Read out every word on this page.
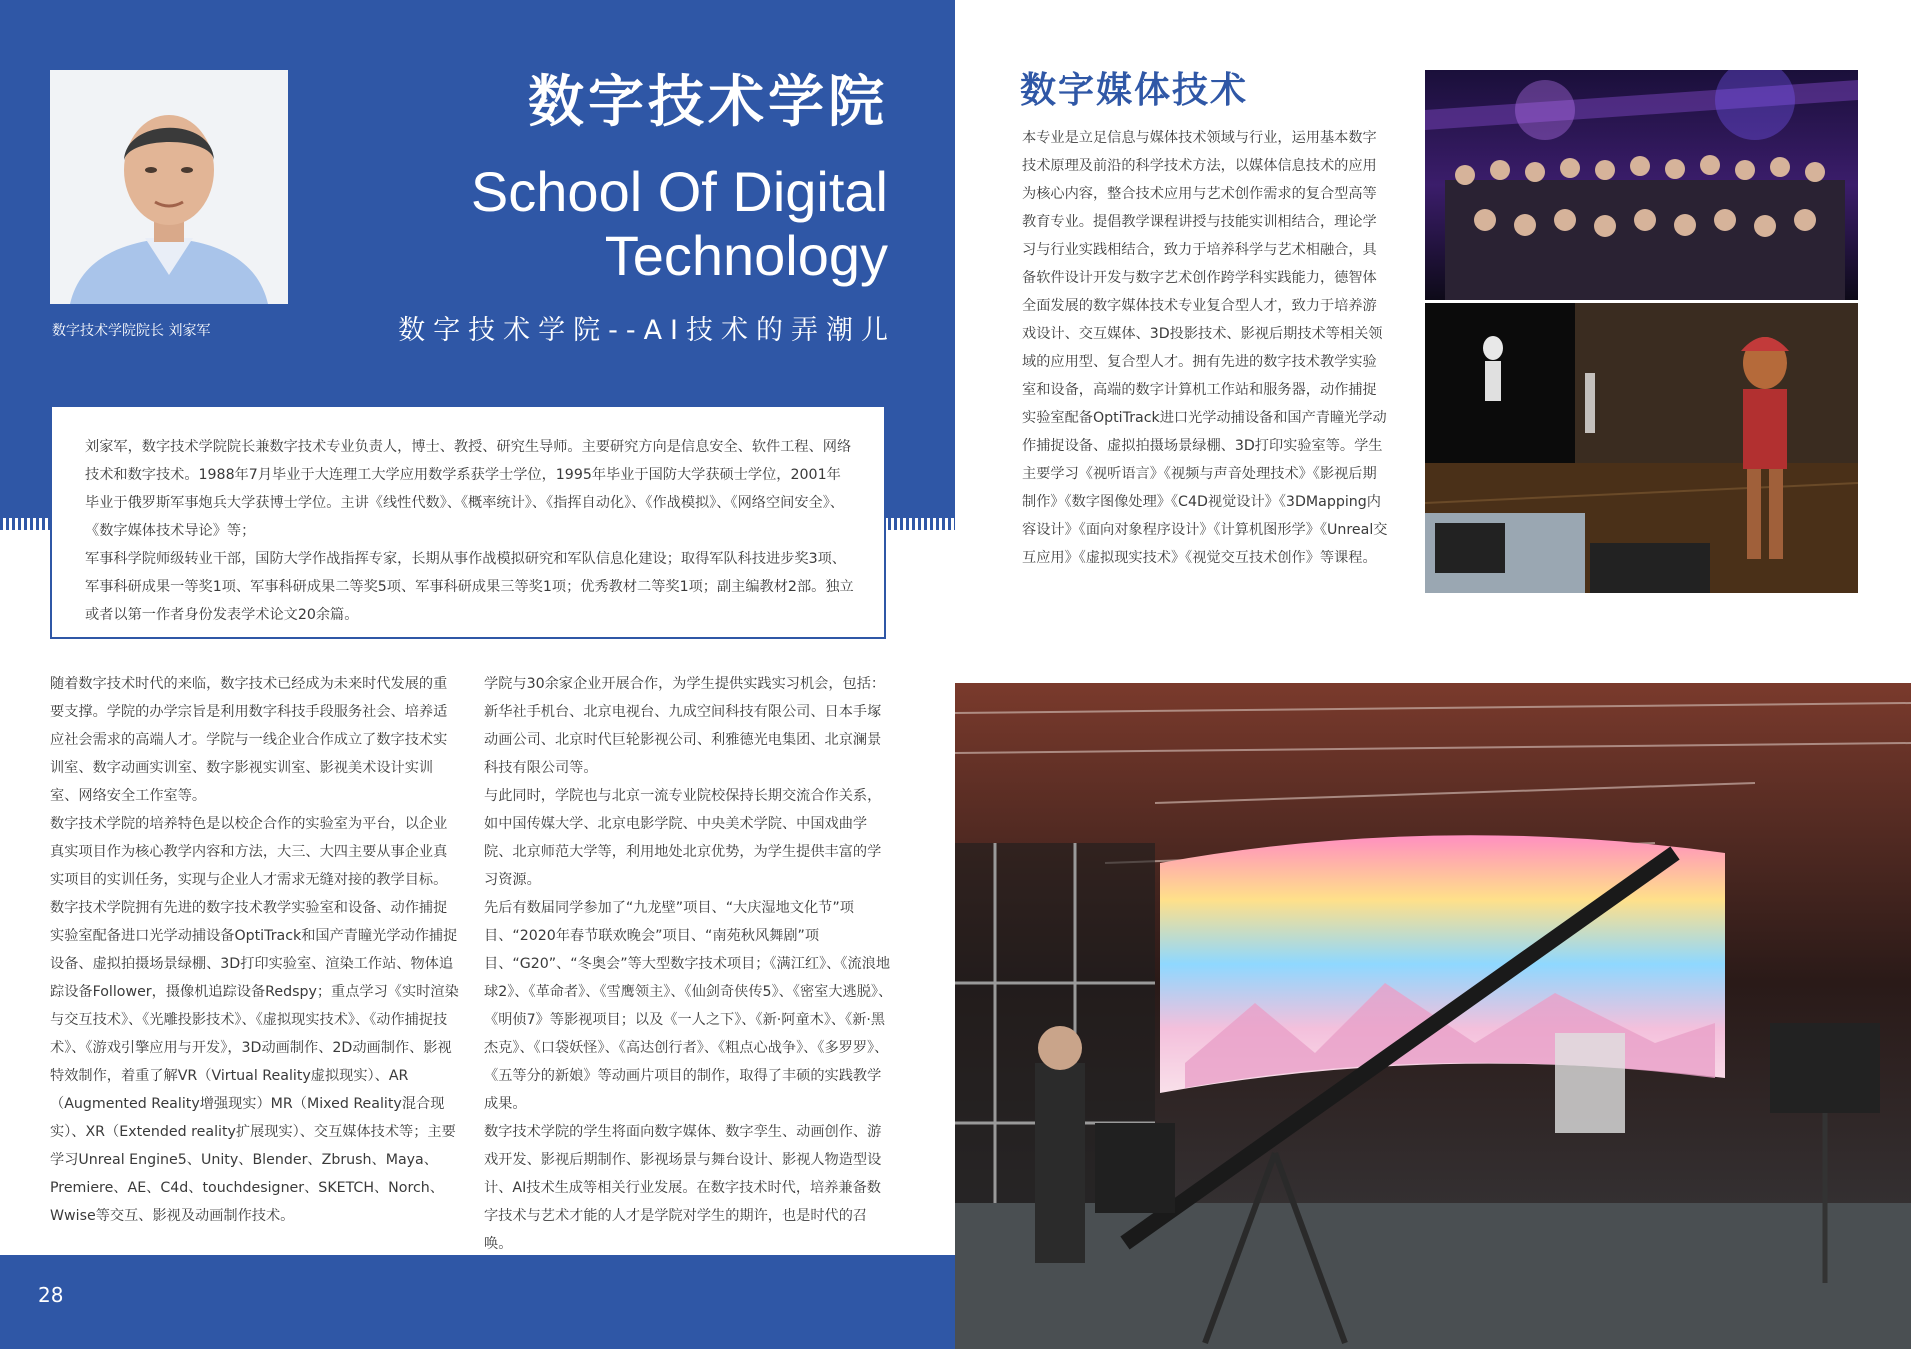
数字技术学院院长 刘家军
数字技术学院
School Of Digital
Technology
数字技术学院--AI技术的弄潮儿

刘家军，数字技术学院院长兼数字技术专业负责人，博士、教授、研究生导师。主要研究方向是信息安全、软件工程、网络技术和数字技术。1988年7月毕业于大连理工大学应用数学系获学士学位，1995年毕业于国防大学获硕士学位，2001年毕业于俄罗斯军事炮兵大学获博士学位。主讲《线性代数》、《概率统计》、《指挥自动化》、《作战模拟》、《网络空间安全》、《数字媒体技术导论》等；

军事科学院师级转业干部，国防大学作战指挥专家，长期从事作战模拟研究和军队信息化建设；取得军队科技进步奖3项、军事科研成果一等奖1项、军事科研成果二等奖5项、军事科研成果三等奖1项；优秀教材二等奖1项；副主编教材2部。独立或者以第一作者身份发表学术论文20余篇。

随着数字技术时代的来临，数字技术已经成为未来时代发展的重要支撑。学院的办学宗旨是利用数字科技手段服务社会、培养适应社会需求的高端人才。学院与一线企业合作成立了数字技术实训室、数字动画实训室、数字影视实训室、影视美术设计实训室、网络安全工作室等。

数字技术学院的培养特色是以校企合作的实验室为平台，以企业真实项目作为核心教学内容和方法，大三、大四主要从事企业真实项目的实训任务，实现与企业人才需求无缝对接的教学目标。

数字技术学院拥有先进的数字技术教学实验室和设备、动作捕捉实验室配备进口光学动捕设备OptiTrack和国产青瞳光学动作捕捉设备、虚拟拍摄场景绿棚、3D打印实验室、渲染工作站、物体追踪设备Follower，摄像机追踪设备Redspy；重点学习《实时渲染与交互技术》、《光雕投影技术》、《虚拟现实技术》、《动作捕捉技术》、《游戏引擎应用与开发》，3D动画制作、2D动画制作、影视特效制作，着重了解VR（Virtual Reality虚拟现实）、AR（Augmented Reality增强现实）MR（Mixed Reality混合现实）、XR（Extended reality扩展现实）、交互媒体技术等；主要学习Unreal Engine5、Unity、Blender、Zbrush、Maya、Premiere、AE、C4d、touchdesigner、SKETCH、Norch、Wwise等交互、影视及动画制作技术。

学院与30余家企业开展合作，为学生提供实践实习机会，包括：新华社手机台、北京电视台、九成空间科技有限公司、日本手塚动画公司、北京时代巨轮影视公司、利雅德光电集团、北京澜景科技有限公司等。

与此同时，学院也与北京一流专业院校保持长期交流合作关系，如中国传媒大学、北京电影学院、中央美术学院、中国戏曲学院、北京师范大学等，利用地处北京优势，为学生提供丰富的学习资源。

先后有数届同学参加了“九龙壁”项目、“大庆湿地文化节”项目、“2020年春节联欢晚会”项目、“南苑秋风舞剧”项目、“G20”、“冬奥会”等大型数字技术项目；《满江红》、《流浪地球2》、《革命者》、《雪鹰领主》、《仙剑奇侠传5》、《密室大逃脱》、《明侦7》等影视项目；以及《一人之下》、《新·阿童木》、《新·黑杰克》、《口袋妖怪》、《高达创行者》、《粗点心战争》、《多罗罗》、《五等分的新娘》等动画片项目的制作，取得了丰硕的实践教学成果。

数字技术学院的学生将面向数字媒体、数字孪生、动画创作、游戏开发、影视后期制作、影视场景与舞台设计、影视人物造型设计、AI技术生成等相关行业发展。在数字技术时代，培养兼备数字技术与艺术才能的人才是学院对学生的期许，也是时代的召唤。

28
数字媒体技术
本专业是立足信息与媒体技术领域与行业，运用基本数字技术原理及前沿的科学技术方法，以媒体信息技术的应用为核心内容，整合技术应用与艺术创作需求的复合型高等教育专业。提倡教学课程讲授与技能实训相结合，理论学习与行业实践相结合，致力于培养科学与艺术相融合，具备软件设计开发与数字艺术创作跨学科实践能力，德智体全面发展的数字媒体技术专业复合型人才，致力于培养游戏设计、交互媒体、3D投影技术、影视后期技术等相关领域的应用型、复合型人才。拥有先进的数字技术教学实验室和设备，高端的数字计算机工作站和服务器，动作捕捉实验室配备OptiTrack进口光学动捕设备和国产青瞳光学动作捕捉设备、虚拟拍摄场景绿棚、3D打印实验室等。学生主要学习《视听语言》《视频与声音处理技术》《影视后期制作》《数字图像处理》《C4D视觉设计》《3DMapping内容设计》《面向对象程序设计》《计算机图形学》《Unreal交互应用》《虚拟现实技术》《视觉交互技术创作》等课程。
